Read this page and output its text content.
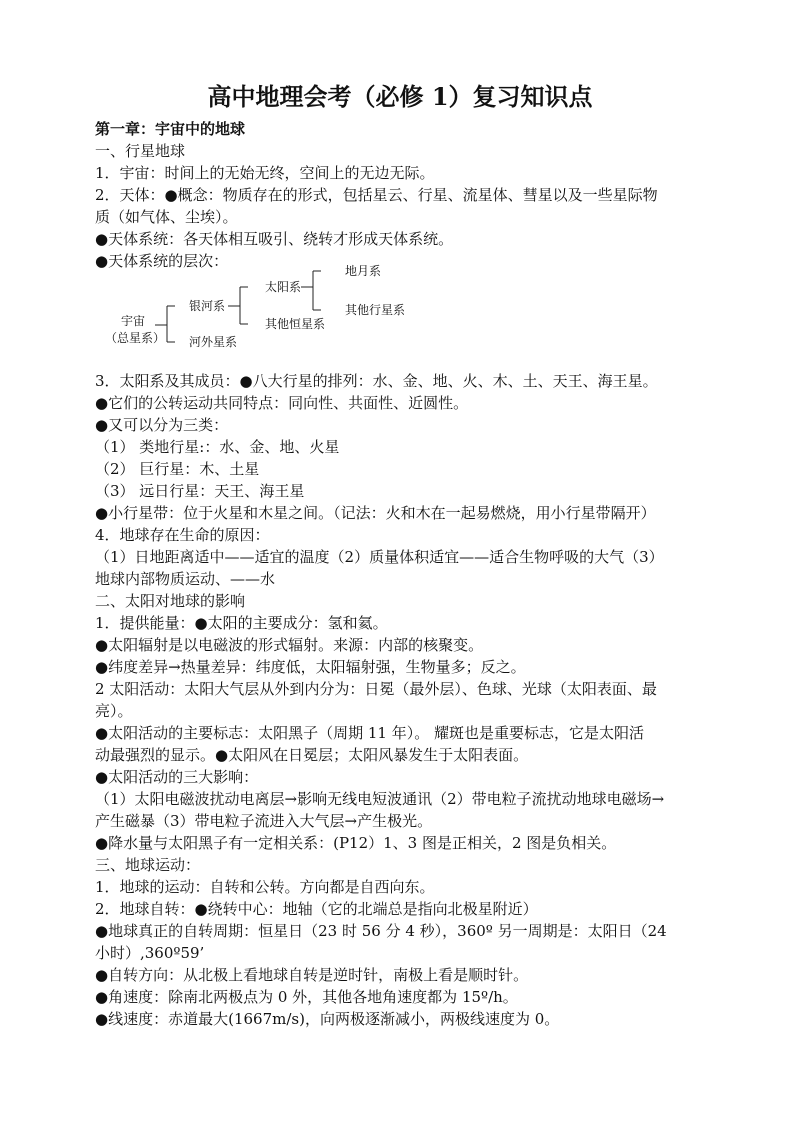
高中地理会考（必修 1）复习知识点

第一章：宇宙中的地球

一、行星地球

1．宇宙：时间上的无始无终，空间上的无边无际。

2．天体：●概念：物质存在的形式，包括星云、行星、流星体、彗星以及一些星际物

质（如气体、尘埃）。

●天体系统：各天体相互吸引、绕转才形成天体系统。

●天体系统的层次：

宇宙
（总星系）
银河系
河外星系
太阳系
其他恒星系
地月系
其他行星系

3．太阳系及其成员：●八大行星的排列：水、金、地、火、木、土、天王、海王星。

●它们的公转运动共同特点：同向性、共面性、近圆性。

●又可以分为三类：

（1） 类地行星:：水、金、地、火星

（2） 巨行星：木、土星

（3） 远日行星：天王、海王星

●小行星带：位于火星和木星之间。（记法：火和木在一起易燃烧，用小行星带隔开）

4．地球存在生命的原因：

（1）日地距离适中——适宜的温度（2）质量体积适宜——适合生物呼吸的大气（3）

地球内部物质运动、——水

二、太阳对地球的影响

1．提供能量：●太阳的主要成分：氢和氦。

●太阳辐射是以电磁波的形式辐射。来源：内部的核聚变。

●纬度差异→热量差异：纬度低，太阳辐射强，生物量多；反之。

2 太阳活动：太阳大气层从外到内分为：日冕（最外层）、色球、光球（太阳表面、最

亮）。

●太阳活动的主要标志：太阳黑子（周期 11 年）。 耀斑也是重要标志，它是太阳活

动最强烈的显示。●太阳风在日冕层；太阳风暴发生于太阳表面。

●太阳活动的三大影响：

（1）太阳电磁波扰动电离层→影响无线电短波通讯（2）带电粒子流扰动地球电磁场→

产生磁暴（3）带电粒子流进入大气层→产生极光。

●降水量与太阳黑子有一定相关系：(P12）1、3 图是正相关，2 图是负相关。

三、地球运动：

1．地球的运动：自转和公转。方向都是自西向东。

2．地球自转：●绕转中心：地轴（它的北端总是指向北极星附近）

●地球真正的自转周期：恒星日（23 时 56 分 4 秒），360º 另一周期是：太阳日（24

小时）,360º59’

●自转方向：从北极上看地球自转是逆时针，南极上看是顺时针。

●角速度：除南北两极点为 0 外，其他各地角速度都为 15º/h。

●线速度：赤道最大(1667m/s)，向两极逐渐减小，两极线速度为 0。
